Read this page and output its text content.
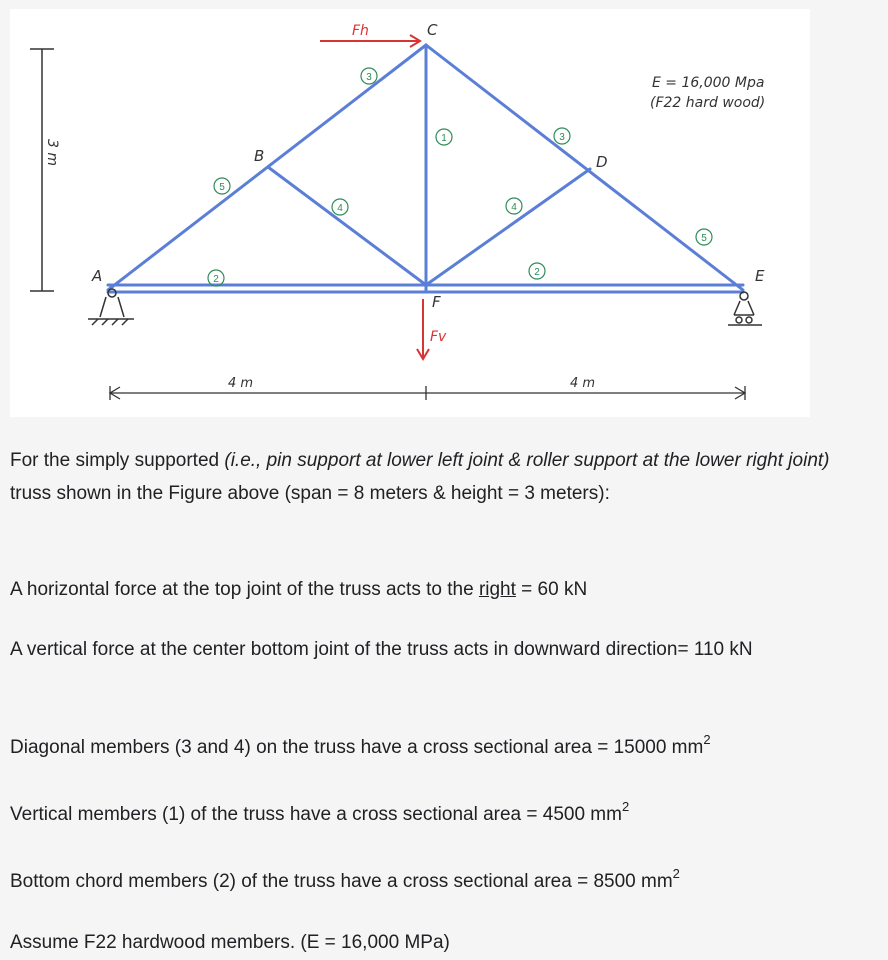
3 m
Fh
Fv
A
B
C
D
E
F
5
2
3
4
1	3
4
2
5
E = 16,000 Mpa
(F22 hard wood)
4 m	4 m

For the simply supported (i.e., pin support at lower left joint & roller support at the lower right joint) truss shown in the Figure above (span = 8 meters & height = 3 meters):

A horizontal force at the top joint of the truss acts to the right = 60 kN

A vertical force at the center bottom joint of the truss acts in downward direction= 110 kN

Diagonal members (3 and 4) on the truss have a cross sectional area = 15000 $mm^2$

Vertical members (1) of the truss have a cross sectional area = 4500 $mm^2$

Bottom chord members (2) of the truss have a cross sectional area = 8500 $mm^2$

Assume F22 hardwood members. (E = 16,000 MPa)
